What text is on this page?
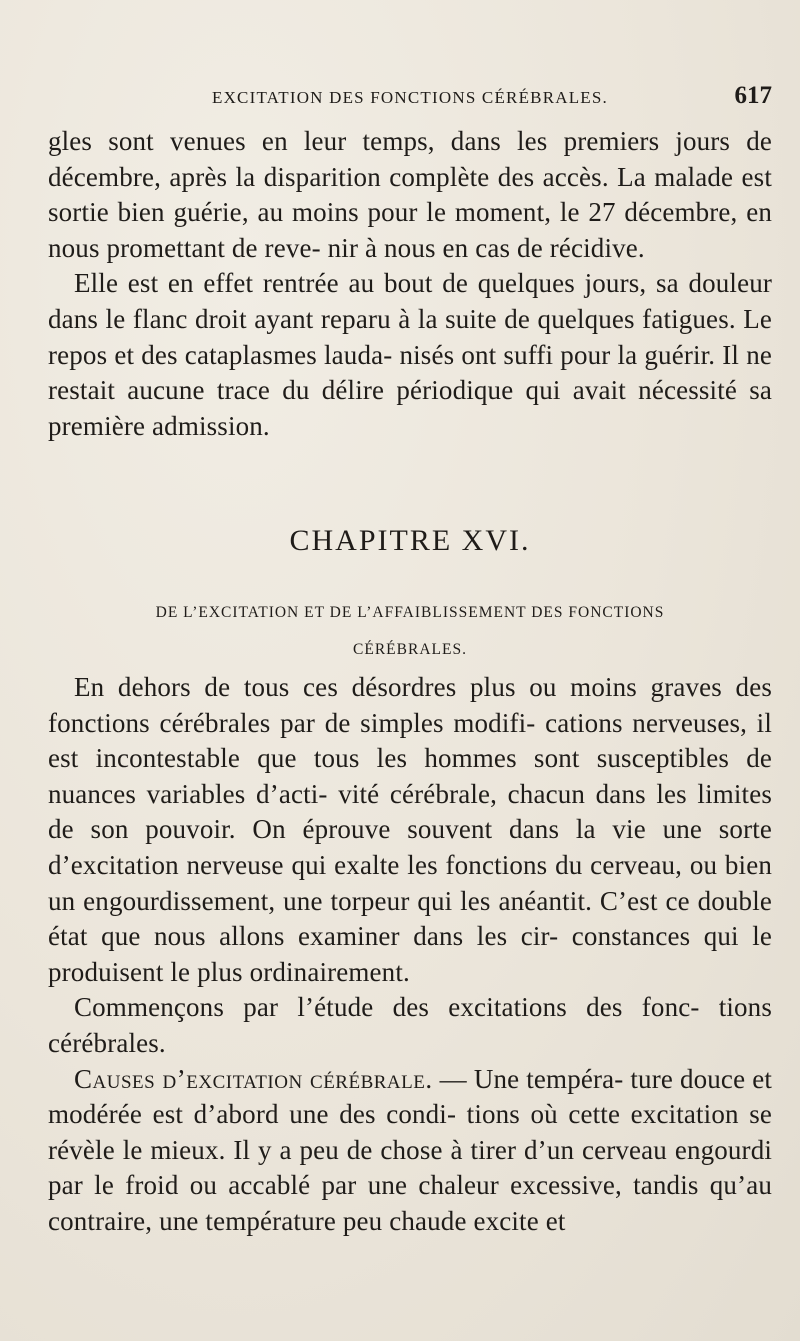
EXCITATION DES FONCTIONS CÉRÉBRALES.	617

gles sont venues en leur temps, dans les premiers jours de décembre, après la disparition complète des accès. La malade est sortie bien guérie, au moins pour le moment, le 27 décembre, en nous promettant de reve- nir à nous en cas de récidive.

Elle est en effet rentrée au bout de quelques jours, sa douleur dans le flanc droit ayant reparu à la suite de quelques fatigues. Le repos et des cataplasmes lauda- nisés ont suffi pour la guérir. Il ne restait aucune trace du délire périodique qui avait nécessité sa première admission.

CHAPITRE XVI.
DE L’EXCITATION ET DE L’AFFAIBLISSEMENT DES FONCTIONS
CÉRÉBRALES.

En dehors de tous ces désordres plus ou moins graves des fonctions cérébrales par de simples modifi- cations nerveuses, il est incontestable que tous les hommes sont susceptibles de nuances variables d’acti- vité cérébrale, chacun dans les limites de son pouvoir. On éprouve souvent dans la vie une sorte d’excitation nerveuse qui exalte les fonctions du cerveau, ou bien un engourdissement, une torpeur qui les anéantit. C’est ce double état que nous allons examiner dans les cir- constances qui le produisent le plus ordinairement.

Commençons par l’étude des excitations des fonc- tions cérébrales.

Causes d’excitation cérébrale. — Une tempéra- ture douce et modérée est d’abord une des condi- tions où cette excitation se révèle le mieux. Il y a peu de chose à tirer d’un cerveau engourdi par le froid ou accablé par une chaleur excessive, tandis qu’au contraire, une température peu chaude excite et
